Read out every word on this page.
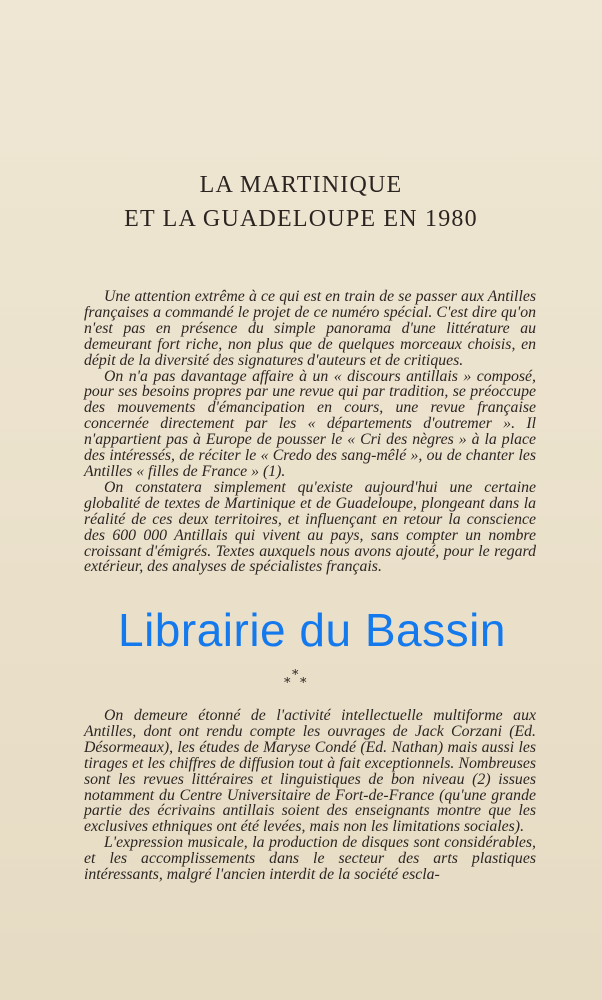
LA MARTINIQUE
ET LA GUADELOUPE EN 1980

Une attention extrême à ce qui est en train de se passer aux Antilles françaises a commandé le projet de ce numéro spécial. C'est dire qu'on n'est pas en présence du simple panorama d'une littérature au demeurant fort riche, non plus que de quelques morceaux choisis, en dépit de la diversité des signatures d'auteurs et de critiques.

On n'a pas davantage affaire à un « discours antillais » composé, pour ses besoins propres par une revue qui par tradition, se préoccupe des mouvements d'émancipation en cours, une revue française concernée directement par les « départements d'outremer ». Il n'appartient pas à Europe de pousser le « Cri des nègres » à la place des intéressés, de réciter le « Credo des sang-mêlé », ou de chanter les Antilles « filles de France » (1).

On constatera simplement qu'existe aujourd'hui une certaine globalité de textes de Martinique et de Guadeloupe, plongeant dans la réalité de ces deux territoires, et influençant en retour la conscience des 600 000 Antillais qui vivent au pays, sans compter un nombre croissant d'émigrés. Textes auxquels nous avons ajouté, pour le regard extérieur, des analyses de spécialistes français.

*
* *

On demeure étonné de l'activité intellectuelle multiforme aux Antilles, dont ont rendu compte les ouvrages de Jack Corzani (Ed. Désormeaux), les études de Maryse Condé (Ed. Nathan) mais aussi les tirages et les chiffres de diffusion tout à fait exceptionnels. Nombreuses sont les revues littéraires et linguistiques de bon niveau (2) issues notamment du Centre Universitaire de Fort-de-France (qu'une grande partie des écrivains antillais soient des enseignants montre que les exclusives ethniques ont été levées, mais non les limitations sociales).

L'expression musicale, la production de disques sont considérables, et les accomplissements dans le secteur des arts plastiques intéressants, malgré l'ancien interdit de la société escla-

Librairie du Bassin
